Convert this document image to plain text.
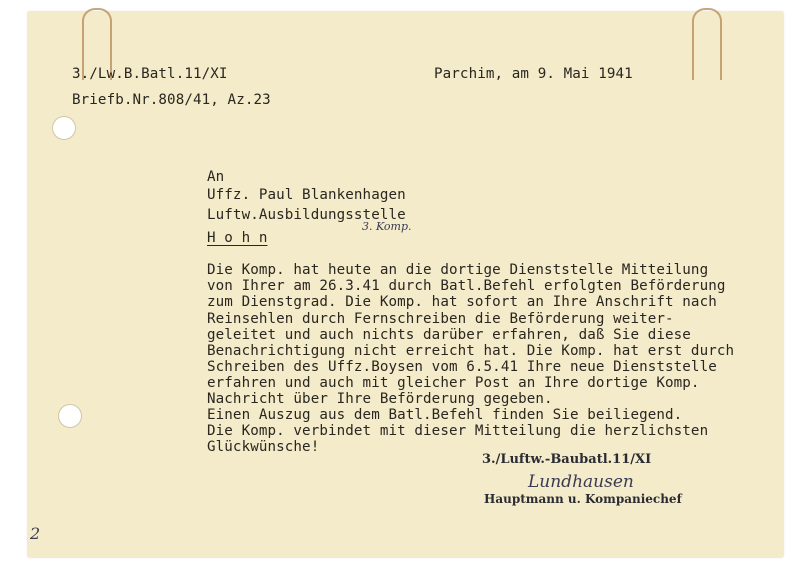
3./Lw.B.Batl.11/XI
Briefb.Nr.808/41, Az.23
Parchim, am 9. Mai 1941
An
Uffz. Paul Blankenhagen
Luftw.Ausbildungsstelle
3. Komp.
H o h n
Die Komp. hat heute an die dortige Dienststelle Mitteilung
von Ihrer am 26.3.41 durch Batl.Befehl erfolgten Beförderung
zum Dienstgrad. Die Komp. hat sofort an Ihre Anschrift nach
Reinsehlen durch Fernschreiben die Beförderung weiter-
geleitet und auch nichts darüber erfahren, daß Sie diese
Benachrichtigung nicht erreicht hat. Die Komp. hat erst durch
Schreiben des Uffz.Boysen vom 6.5.41 Ihre neue Dienststelle
erfahren und auch mit gleicher Post an Ihre dortige Komp.
Nachricht über Ihre Beförderung gegeben.
Einen Auszug aus dem Batl.Befehl finden Sie beiliegend.
Die Komp. verbindet mit dieser Mitteilung die herzlichsten
Glückwünsche!
3./Luftw.-Baubatl.11/XI
Lundhausen
Hauptmann u. Kompaniechef
2
